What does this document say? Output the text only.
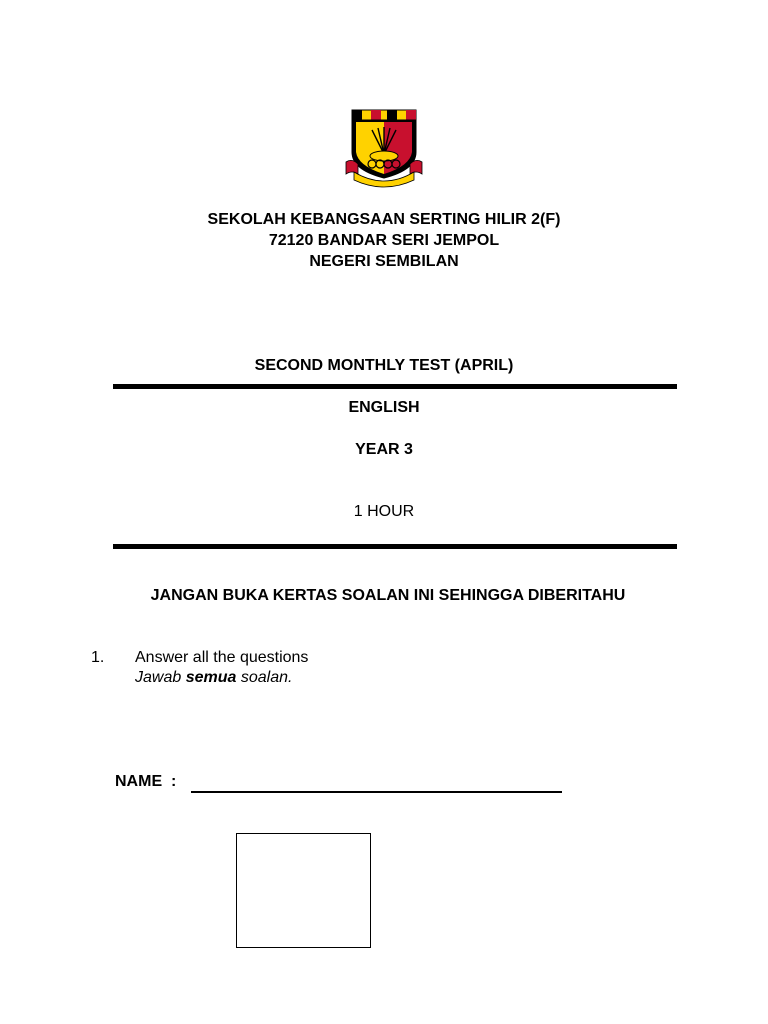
SEKOLAH KEBANGSAAN SERTING HILIR 2(F)
72120 BANDAR SERI JEMPOL
NEGERI SEMBILAN
SECOND MONTHLY TEST (APRIL)
ENGLISH
YEAR 3
1 HOUR
JANGAN BUKA KERTAS SOALAN INI SEHINGGA DIBERITAHU
1. Answer all the questions
Jawab semua soalan.
NAME  :
